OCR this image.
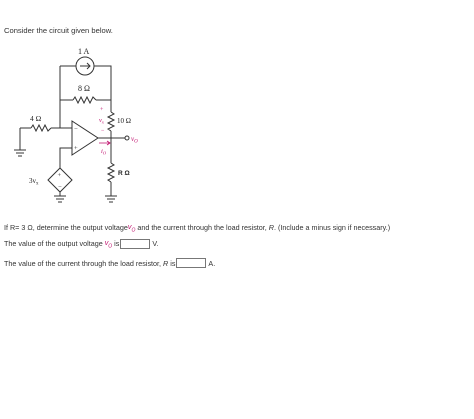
Consider the circuit given below.

1 A
8 Ω
10 Ω
4 Ω
R Ω
+
$v_x$
−
$v_O$
$i_O$
−
+
+
−
$3v_x$

If R= 3 Ω, determine the output voltage $v_O$ and the current through the load resistor, R . (Include a minus sign if necessary.)

The value of the output voltage $v_O$ is	V.

The value of the current through the load resistor, R is	A.
